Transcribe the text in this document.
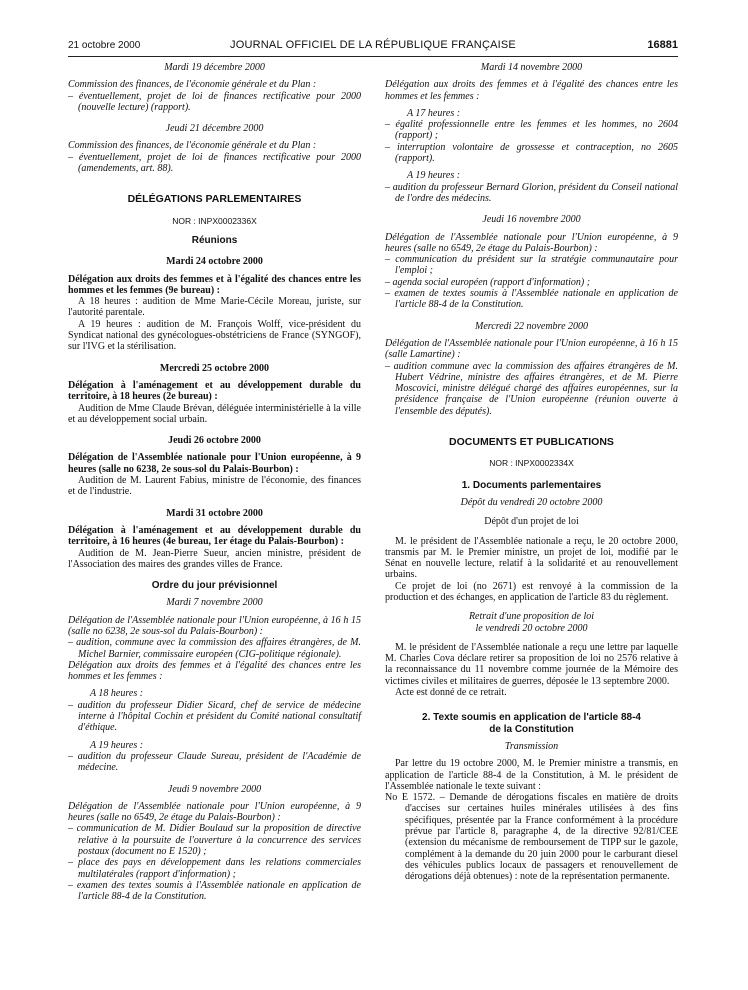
21 octobre 2000	JOURNAL OFFICIEL DE LA RÉPUBLIQUE FRANÇAISE	16881

Mardi 19 décembre 2000

Commission des finances, de l'économie générale et du Plan :

– éventuellement, projet de loi de finances rectificative pour 2000 (nouvelle lecture) (rapport).

Jeudi 21 décembre 2000

Commission des finances, de l'économie générale et du Plan :

– éventuellement, projet de loi de finances rectificative pour 2000 (amendements, art. 88).

DÉLÉGATIONS PARLEMENTAIRES

NOR : INPX0002336X

Réunions

Mardi 24 octobre 2000

Délégation aux droits des femmes et à l'égalité des chances entre les hommes et les femmes (9e bureau) :

A 18 heures : audition de Mme Marie-Cécile Moreau, juriste, sur l'autorité parentale.

A 19 heures : audition de M. François Wolff, vice-président du Syndicat national des gynécologues-obstétriciens de France (SYNGOF), sur l'IVG et la stérilisation.

Mercredi 25 octobre 2000

Délégation à l'aménagement et au développement durable du territoire, à 18 heures (2e bureau) :

Audition de Mme Claude Brévan, déléguée interministérielle à la ville et au développement social urbain.

Jeudi 26 octobre 2000

Délégation de l'Assemblée nationale pour l'Union européenne, à 9 heures (salle no 6238, 2e sous-sol du Palais-Bourbon) :

Audition de M. Laurent Fabius, ministre de l'économie, des finances et de l'industrie.

Mardi 31 octobre 2000

Délégation à l'aménagement et au développement durable du territoire, à 16 heures (4e bureau, 1er étage du Palais-Bourbon) :

Audition de M. Jean-Pierre Sueur, ancien ministre, président de l'Association des maires des grandes villes de France.

Ordre du jour prévisionnel

Mardi 7 novembre 2000

Délégation de l'Assemblée nationale pour l'Union européenne, à 16 h 15 (salle no 6238, 2e sous-sol du Palais-Bourbon) :

– audition, commune avec la commission des affaires étrangères, de M. Michel Barnier, commissaire européen (CIG-politique régionale).

Délégation aux droits des femmes et à l'égalité des chances entre les hommes et les femmes :

A 18 heures :

– audition du professeur Didier Sicard, chef de service de médecine interne à l'hôpital Cochin et président du Comité national consultatif d'éthique.

A 19 heures :

– audition du professeur Claude Sureau, président de l'Académie de médecine.

Jeudi 9 novembre 2000

Délégation de l'Assemblée nationale pour l'Union européenne, à 9 heures (salle no 6549, 2e étage du Palais-Bourbon) :

– communication de M. Didier Boulaud sur la proposition de directive relative à la poursuite de l'ouverture à la concurrence des services postaux (document no E 1520) ;

– place des pays en développement dans les relations commerciales multilatérales (rapport d'information) ;

– examen des textes soumis à l'Assemblée nationale en application de l'article 88-4 de la Constitution.

Mardi 14 novembre 2000

Délégation aux droits des femmes et à l'égalité des chances entre les hommes et les femmes :

A 17 heures :

– égalité professionnelle entre les femmes et les hommes, no 2604 (rapport) ;

– interruption volontaire de grossesse et contraception, no 2605 (rapport).

A 19 heures :

– audition du professeur Bernard Glorion, président du Conseil national de l'ordre des médecins.

Jeudi 16 novembre 2000

Délégation de l'Assemblée nationale pour l'Union européenne, à 9 heures (salle no 6549, 2e étage du Palais-Bourbon) :

– communication du président sur la stratégie communautaire pour l'emploi ;

– agenda social européen (rapport d'information) ;

– examen de textes soumis à l'Assemblée nationale en application de l'article 88-4 de la Constitution.

Mercredi 22 novembre 2000

Délégation de l'Assemblée nationale pour l'Union européenne, à 16 h 15 (salle Lamartine) :

– audition commune avec la commission des affaires étrangères de M. Hubert Védrine, ministre des affaires étrangères, et de M. Pierre Moscovici, ministre délégué chargé des affaires européennes, sur la présidence française de l'Union européenne (réunion ouverte à l'ensemble des députés).

DOCUMENTS ET PUBLICATIONS

NOR : INPX0002334X

1. Documents parlementaires

Dépôt du vendredi 20 octobre 2000

Dépôt d'un projet de loi

M. le président de l'Assemblée nationale a reçu, le 20 octobre 2000, transmis par M. le Premier ministre, un projet de loi, modifié par le Sénat en nouvelle lecture, relatif à la solidarité et au renouvellement urbains.

Ce projet de loi (no 2671) est renvoyé à la commission de la production et des échanges, en application de l'article 83 du règlement.

Retrait d'une proposition de loi

le vendredi 20 octobre 2000

M. le président de l'Assemblée nationale a reçu une lettre par laquelle M. Charles Cova déclare retirer sa proposition de loi no 2576 relative à la reconnaissance du 11 novembre comme journée de la Mémoire des victimes civiles et militaires de guerres, déposée le 13 septembre 2000.

Acte est donné de ce retrait.

2. Texte soumis en application de l'article 88-4

de la Constitution

Transmission

Par lettre du 19 octobre 2000, M. le Premier ministre a transmis, en application de l'article 88-4 de la Constitution, à M. le président de l'Assemblée nationale le texte suivant :

No E 1572. – Demande de dérogations fiscales en matière de droits d'accises sur certaines huiles minérales utilisées à des fins spécifiques, présentée par la France conformément à la procédure prévue par l'article 8, paragraphe 4, de la directive 92/81/CEE (extension du mécanisme de remboursement de TIPP sur le gazole, complément à la demande du 20 juin 2000 pour le carburant diesel des véhicules publics locaux de passagers et renouvellement de dérogations déjà obtenues) : note de la représentation permanente.
